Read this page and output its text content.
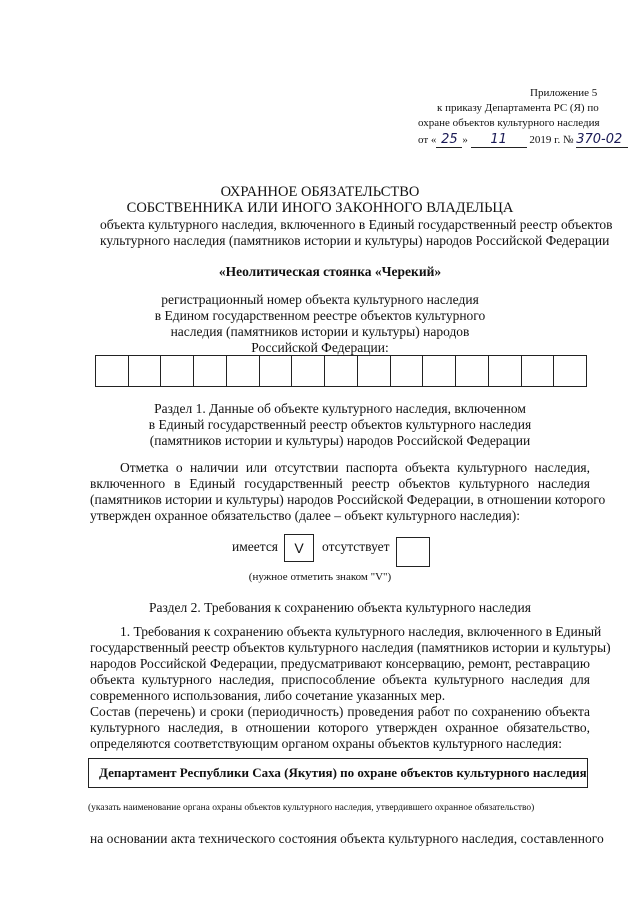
Приложение 5
к приказу Департамента РС (Я) по
охране объектов культурного наследия
от « 25 » 11 2019 г. № 370-02
ОХРАННОЕ ОБЯЗАТЕЛЬСТВО
СОБСТВЕННИКА ИЛИ ИНОГО ЗАКОННОГО ВЛАДЕЛЬЦА
объекта культурного наследия, включенного в Единый государственный реестр объектов
культурного наследия (памятников истории и культуры) народов Российской Федерации
«Неолитическая стоянка «Черекий»
регистрационный номер объекта культурного наследия
в Едином государственном реестре объектов культурного
наследия (памятников истории и культуры) народов
Российской Федерации:
Раздел 1. Данные об объекте культурного наследия, включенном
в Единый государственный реестр объектов культурного наследия
(памятников истории и культуры) народов Российской Федерации
Отметка о наличии или отсутствии паспорта объекта культурного наследия,
включенного в Единый государственный реестр объектов культурного наследия
(памятников истории и культуры) народов Российской Федерации, в отношении которого
утвержден охранное обязательство (далее – объект культурного наследия):
имеется	V	отсутствует
(нужное отметить знаком "V")
Раздел 2. Требования к сохранению объекта культурного наследия
1. Требования к сохранению объекта культурного наследия, включенного в Единый
государственный реестр объектов культурного наследия (памятников истории и культуры)
народов Российской Федерации, предусматривают консервацию, ремонт, реставрацию
объекта культурного наследия, приспособление объекта культурного наследия для
современного использования, либо сочетание указанных мер.
Состав (перечень) и сроки (периодичность) проведения работ по сохранению объекта
культурного наследия, в отношении которого утвержден охранное обязательство,
определяются соответствующим органом охраны объектов культурного наследия:
Департамент Республики Саха (Якутия) по охране объектов культурного наследия
(указать наименование органа охраны объектов культурного наследия, утвердившего охранное обязательство)
на основании акта технического состояния объекта культурного наследия, составленного
